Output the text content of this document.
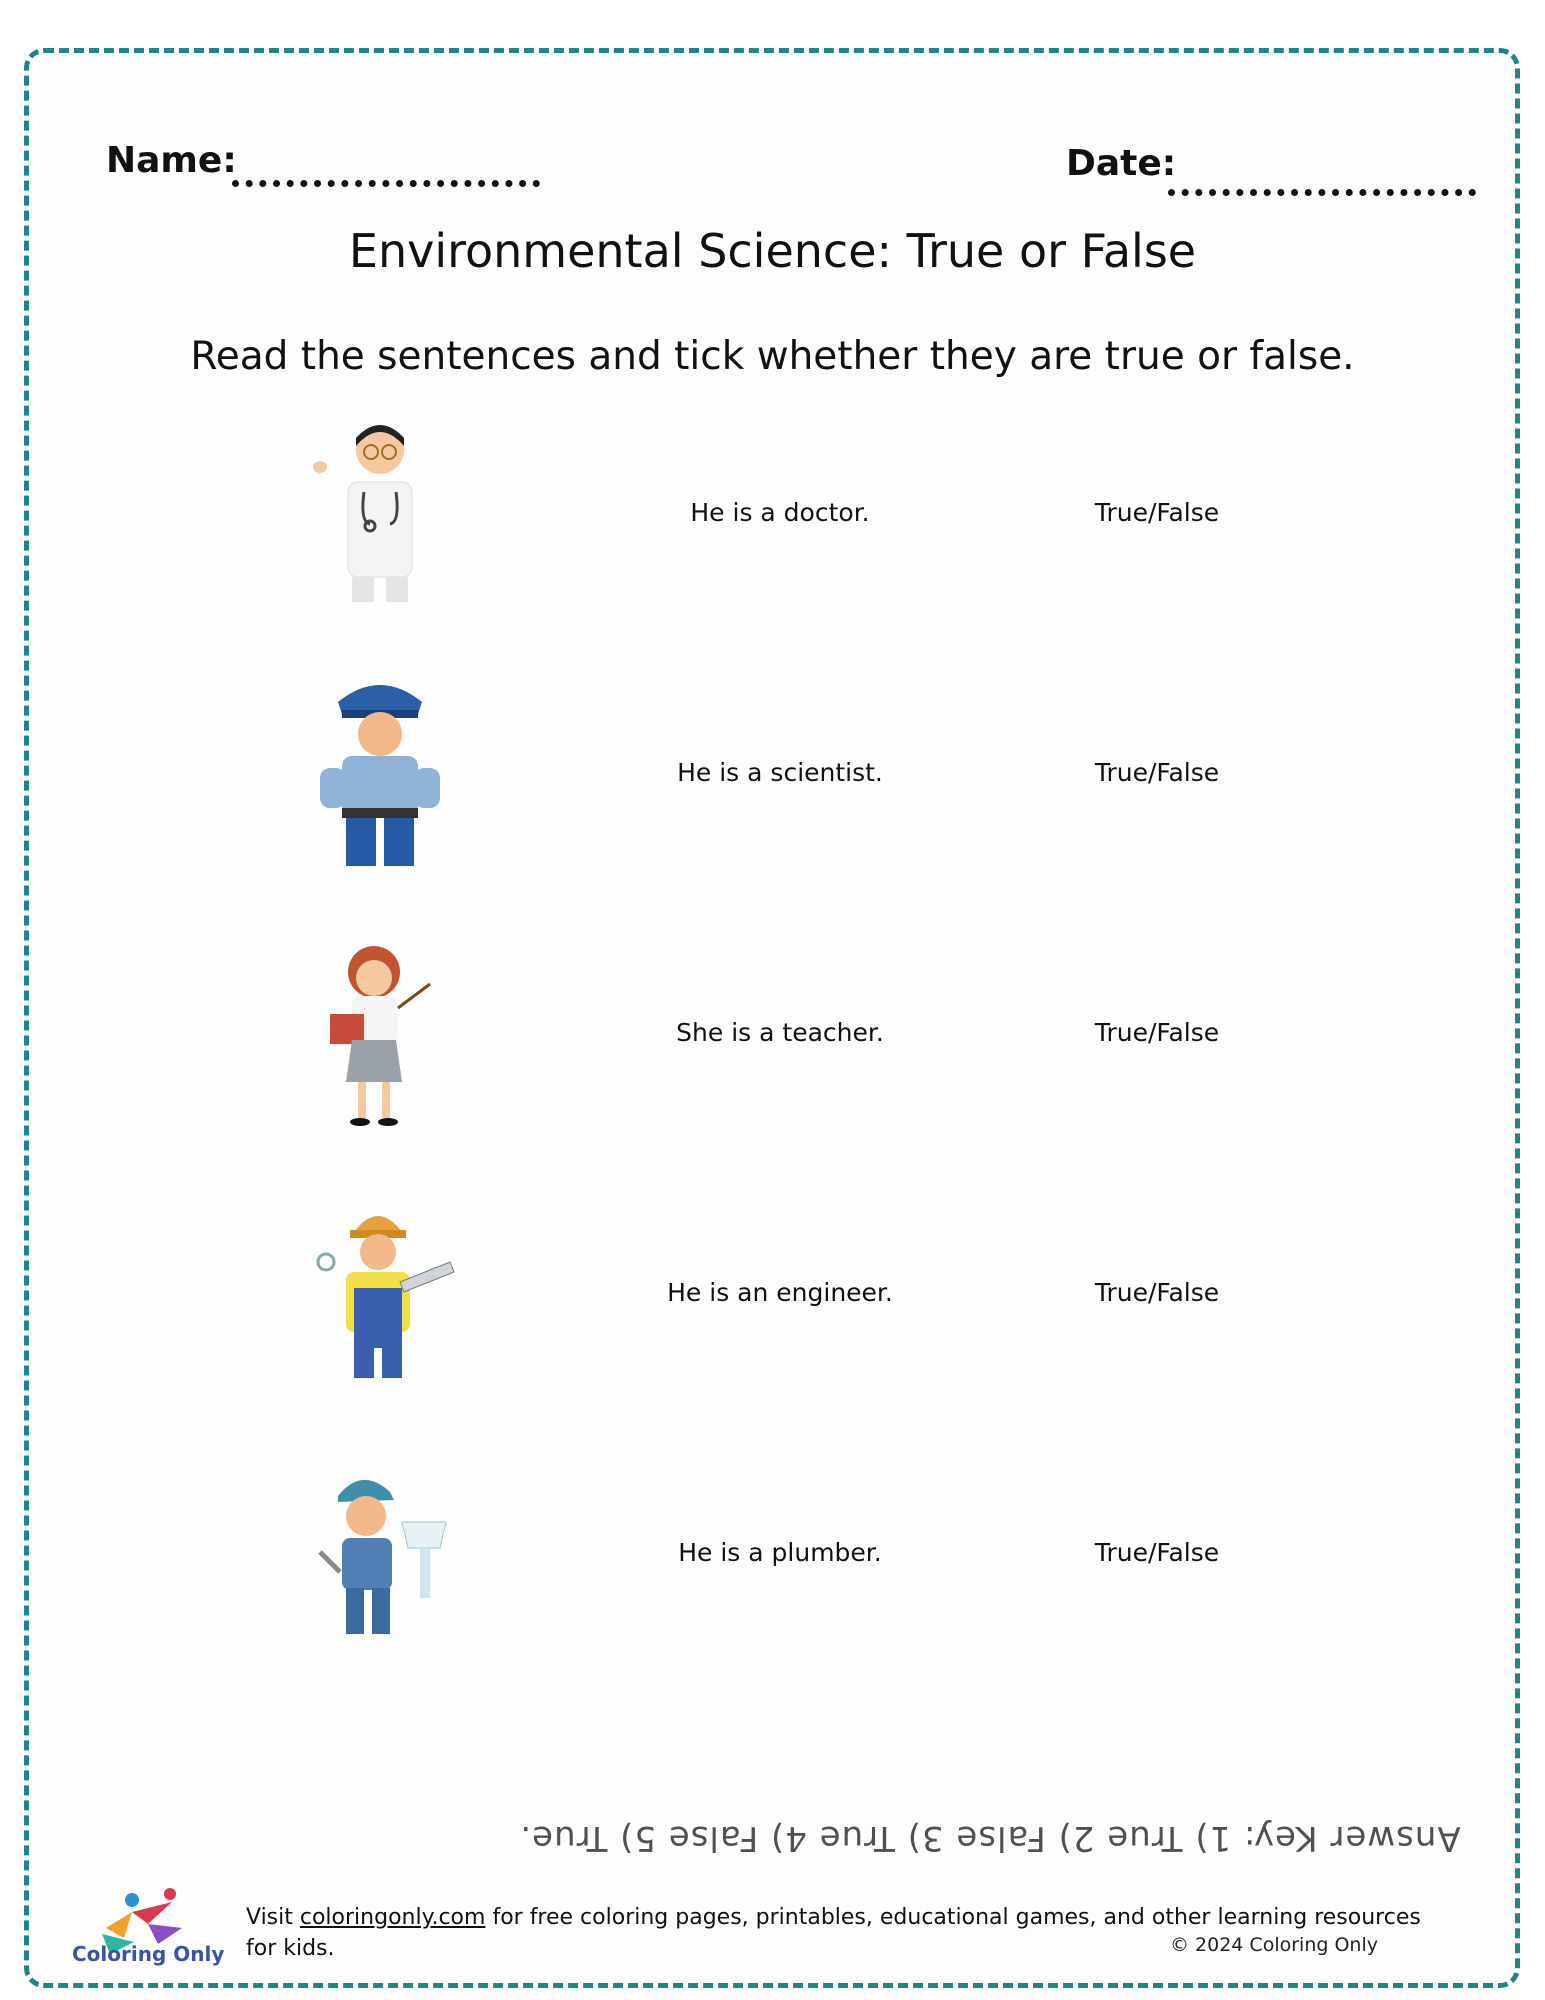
Name:	Date:
Environmental Science: True or False
Read the sentences and tick whether they are true or false.
He is a doctor.	True/False
He is a scientist.	True/False
She is a teacher.	True/False
He is an engineer.	True/False
He is a plumber.	True/False
Answer Key: 1) True 2) False 3) True 4) False 5) True.
Coloring Only
Visit coloringonly.com for free coloring pages, printables, educational games, and other learning resources for kids.	© 2024 Coloring Only
